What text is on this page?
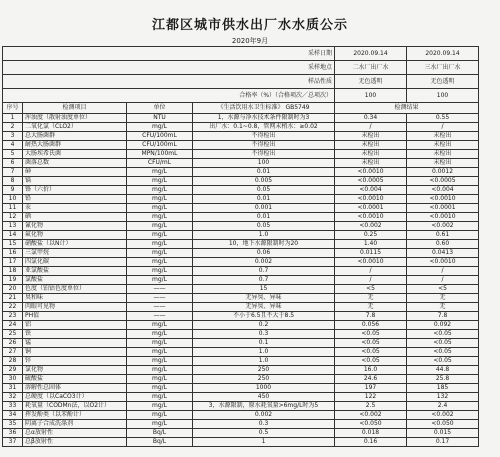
江都区城市供水出厂水水质公示
2020年9月
采样日期				2020.09.14	2020.09.14
采样地点				二水厂出厂水	三水厂出厂水
样品性质				无色透明	无色透明
合格率（%）（合格项次／总项次）				100	100
序号	检测项目	单位	《生活饮用水卫生标准》 GB5749	检测结果	
1	浑浊度（散射浊度单位）	NTU	1，水源与净水技术条件限制时为3	0.34	0.55
2	二氧化氯（CLO2）	mg/L	出厂水：0.1~0.8，管网末梢水：≥0.02	/	/
3	总大肠菌群	CFU/100mL	不得检出	未检出	未检出
4	耐热大肠菌群	CFU/100mL	不得检出	未检出	未检出
5	大肠埃希氏菌	MPN/100mL	不得检出	未检出	未检出
6	菌落总数	CFU/mL	100	未检出	未检出
7	砷	mg/L	0.01	<0.0010	0.0012
8	镉	mg/L	0.005	<0.0005	<0.0005
9	铬（六价）	mg/L	0.05	<0.004	<0.004
10	铅	mg/L	0.01	<0.0010	<0.0010
11	汞	mg/L	0.001	<0.0001	<0.0001
12	硒	mg/L	0.01	<0.0010	<0.0010
13	氰化物	mg/L	0.05	<0.002	<0.002
14	氟化物	mg/L	1.0	0.25	0.61
15	硝酸盐（以N计）	mg/L	10，地下水源限制时为20	1.40	0.60
16	三氯甲烷	mg/L	0.06	0.0115	0.0413
17	四氯化碳	mg/L	0.002	<0.0010	<0.0010
18	亚氯酸盐	mg/L	0.7	/	/
19	氯酸盐	mg/L	0.7	/	/
20	色度（铂钴色度单位）	——	15	<5	<5
21	臭和味	——	无异臭、异味	无	无
22	肉眼可见物	——	无异臭、异味	无	无
23	PH值	——	不小于6.5且不大于8.5	7.8	7.8
24	铝	mg/L	0.2	0.056	0.092
25	铁	mg/L	0.3	<0.05	<0.05
26	锰	mg/L	0.1	<0.05	<0.05
27	铜	mg/L	1.0	<0.05	<0.05
28	锌	mg/L	1.0	<0.05	<0.05
29	氯化物	mg/L	250	16.0	44.8
30	硫酸盐	mg/L	250	24.6	25.8
31	溶解性总固体	mg/L	1000	197	185
32	总硬度（以CaCO3计）	mg/L	450	122	132
33	耗氧量（CODMn法，以O2计）	mg/L	3，水源限制，原水耗氧量>6mg/L时为5	2.5	2.4
34	挥发酚类（以苯酚计）	mg/L	0.002	<0.002	<0.002
35	阴离子合成洗涤剂	mg/L	0.3	<0.050	<0.050
36	总α放射性	Bq/L	0.5	0.018	0.015
37	总β放射性	Bq/L	1	0.16	0.17
